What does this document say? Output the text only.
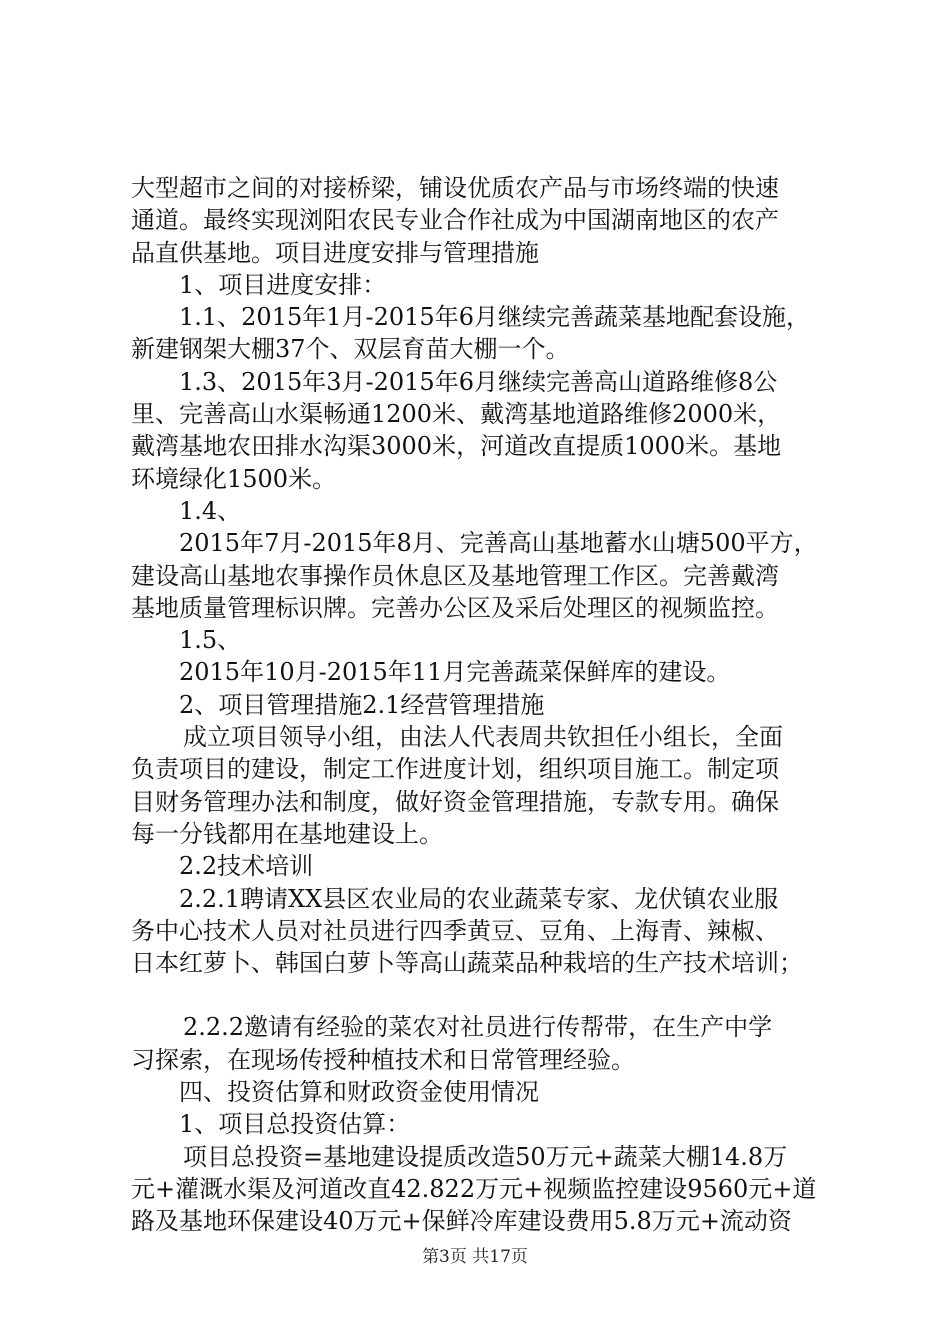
大型超市之间的对接桥梁，铺设优质农产品与市场终端的快速
通道。最终实现浏阳农民专业合作社成为中国湖南地区的农产
品直供基地。项目进度安排与管理措施
1、项目进度安排：
1.1、2015年1月-2015年6月继续完善蔬菜基地配套设施，
新建钢架大棚37个、双层育苗大棚一个。
1.3、2015年3月-2015年6月继续完善高山道路维修8公
里、完善高山水渠畅通1200米、戴湾基地道路维修2000米，
戴湾基地农田排水沟渠3000米，河道改直提质1000米。基地
环境绿化1500米。
1.4、
2015年7月-2015年8月、完善高山基地蓄水山塘500平方，
建设高山基地农事操作员休息区及基地管理工作区。完善戴湾
基地质量管理标识牌。完善办公区及采后处理区的视频监控。
1.5、
2015年10月-2015年11月完善蔬菜保鲜库的建设。
2、项目管理措施2.1经营管理措施
成立项目领导小组，由法人代表周共钦担任小组长，全面
负责项目的建设，制定工作进度计划，组织项目施工。制定项
目财务管理办法和制度，做好资金管理措施，专款专用。确保
每一分钱都用在基地建设上。
2.2技术培训
2.2.1聘请XX县区农业局的农业蔬菜专家、龙伏镇农业服
务中心技术人员对社员进行四季黄豆、豆角、上海青、辣椒、
日本红萝卜、韩国白萝卜等高山蔬菜品种栽培的生产技术培训；
2.2.2邀请有经验的菜农对社员进行传帮带，在生产中学
习探索，在现场传授种植技术和日常管理经验。
四、投资估算和财政资金使用情况
1、项目总投资估算：
项目总投资=基地建设提质改造50万元+蔬菜大棚14.8万
元+灌溉水渠及河道改直42.822万元+视频监控建设9560元+道
路及基地环保建设40万元+保鲜冷库建设费用5.8万元+流动资
第3页 共17页
